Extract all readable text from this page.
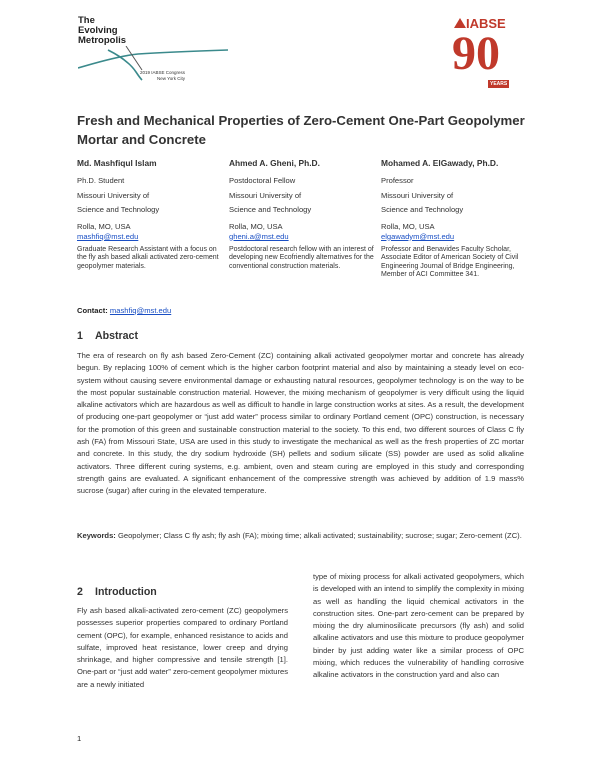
The
Evolving
Metropolis
2019 IABSE Congress
New York City
IABSE
90
YEARS
Fresh and Mechanical Properties of Zero-Cement One-Part Geopolymer Mortar and Concrete
Md. Mashfiqul Islam
Ph.D. Student
Missouri University of
Science and Technology
Rolla, MO, USA
mashfiq@mst.edu
Graduate Research Assistant with a focus on the fly ash based alkali activated zero-cement geopolymer materials.
Ahmed A. Gheni, Ph.D.
Postdoctoral Fellow
Missouri University of
Science and Technology
Rolla, MO, USA
gheni.a@mst.edu
Postdoctoral research fellow with an interest of developing new Ecofriendly alternatives for the conventional construction materials.
Mohamed A. ElGawady, Ph.D.
Professor
Missouri University of
Science and Technology
Rolla, MO, USA
elgawadym@mst.edu
Professor and Benavides Faculty Scholar, Associate Editor of American Society of Civil Engineering Journal of Bridge Engineering, Member of ACI Committee 341.
Contact: mashfiq@mst.edu
1 Abstract
The era of research on fly ash based Zero-Cement (ZC) containing alkali activated geopolymer mortar and concrete has already begun. By replacing 100% of cement which is the higher carbon footprint material and also by maintaining a steady level on eco-system without causing severe environmental damage or exhausting natural resources, geopolymer technology is on the way to be the most popular sustainable construction material. However, the mixing mechanism of geopolymer is very difficult using the liquid alkaline activators which are hazardous as well as difficult to handle in large construction works at sites. As a result, the development of producing one-part geopolymer or “just add water” process similar to ordinary Portland cement (OPC) construction, is necessary for the promotion of this green and sustainable construction material to the society. To this end, two different sources of Class C fly ash (FA) from Missouri State, USA are used in this study to investigate the mechanical as well as the fresh properties of ZC mortar and concrete. In this study, the dry sodium hydroxide (SH) pellets and sodium silicate (SS) powder are used as solid alkaline activators. Three different curing systems, e.g. ambient, oven and steam curing are employed in this study and corresponding strength gains are evaluated. A significant enhancement of the compressive strength was achieved by addition of 1.9 mass% sucrose (sugar) after curing in the elevated temperature.
Keywords: Geopolymer; Class C fly ash; fly ash (FA); mixing time; alkali activated; sustainability; sucrose; sugar; Zero-cement (ZC).
2 Introduction
Fly ash based alkali-activated zero-cement (ZC) geopolymers possesses superior properties compared to ordinary Portland cement (OPC), for example, enhanced resistance to acids and sulfate, improved heat resistance, lower creep and drying shrinkage, and higher compressive and tensile strength [1]. One-part or “just add water” zero-cement geopolymer mixtures are a newly initiated
type of mixing process for alkali activated geopolymers, which is developed with an intend to simplify the complexity in mixing as well as handling the liquid chemical activators in the construction sites. One-part zero-cement can be prepared by mixing the dry aluminosilicate precursors (fly ash) and solid alkaline activators and use this mixture to produce geopolymer binder by just adding water like a similar process of OPC mixing, which reduces the vulnerability of handling corrosive alkaline activators in the construction yard and also can
1
